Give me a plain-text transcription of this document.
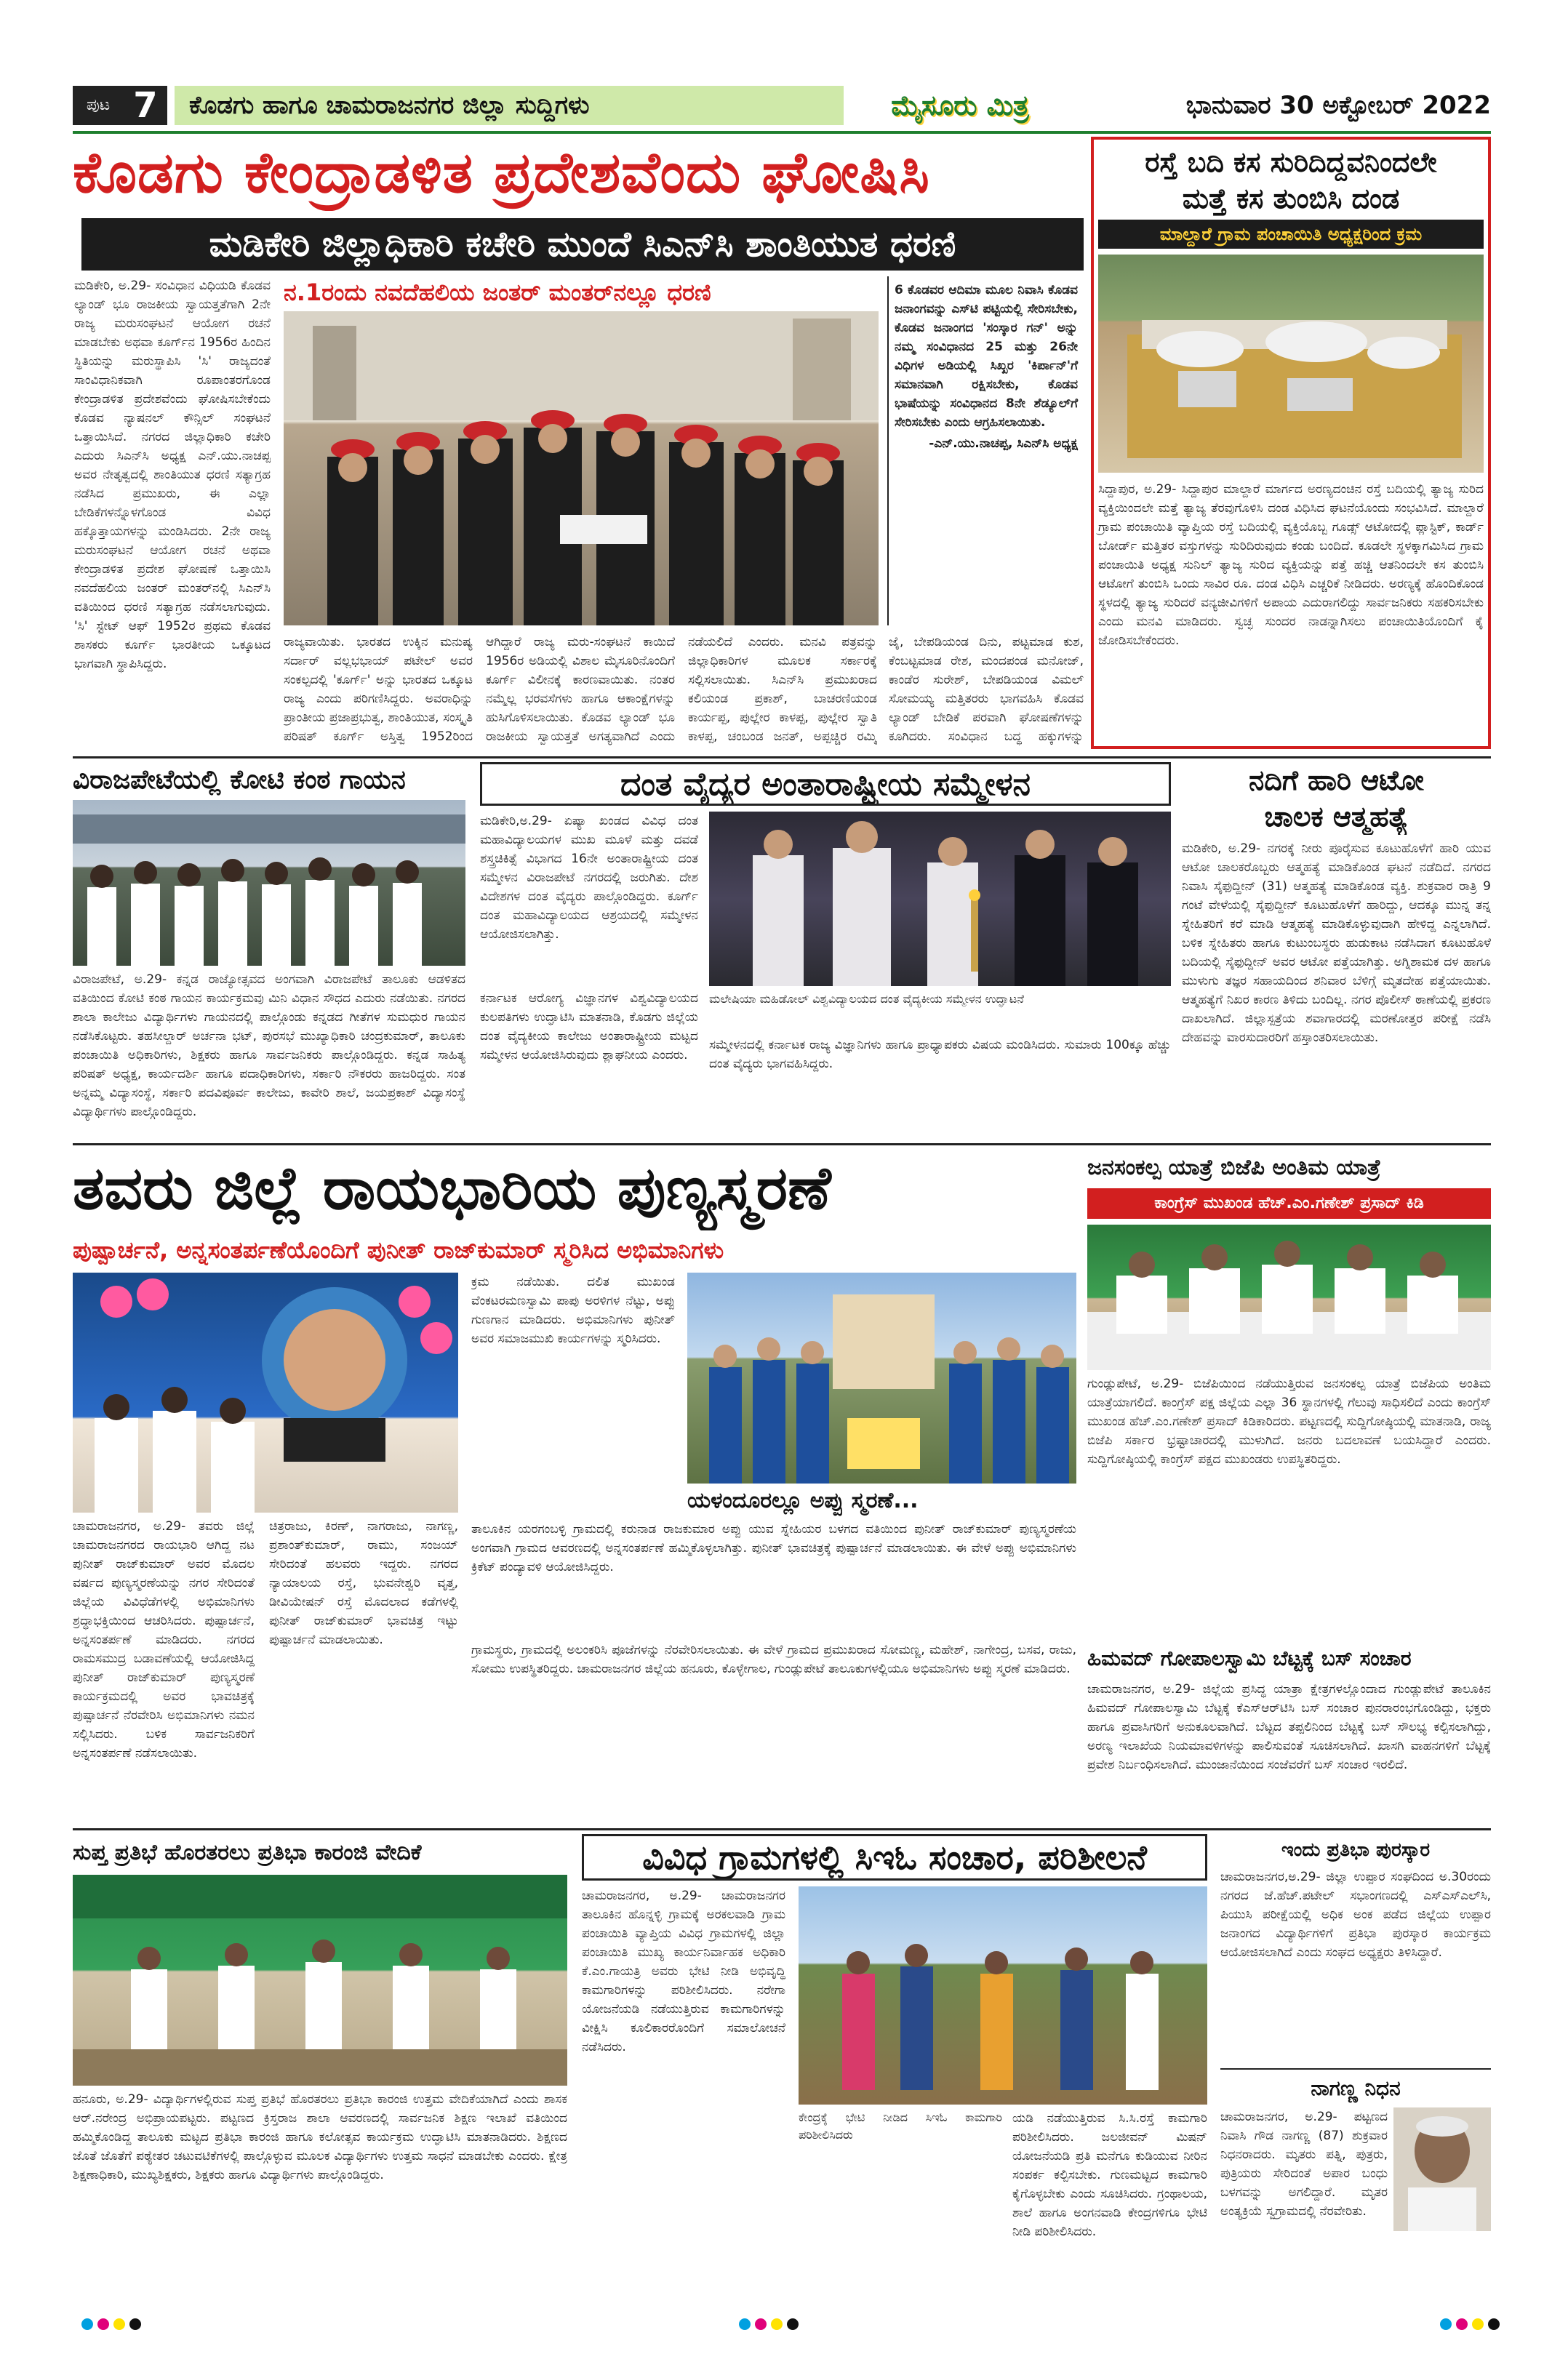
ಪುಟ 7	ಕೊಡಗು ಹಾಗೂ ಚಾಮರಾಜನಗರ ಜಿಲ್ಲಾ ಸುದ್ದಿಗಳು	ಮೈಸೂರು ಮಿತ್ರ	ಭಾನುವಾರ 30 ಅಕ್ಟೋಬರ್ 2022
ಕೊಡಗು ಕೇಂದ್ರಾಡಳಿತ ಪ್ರದೇಶವೆಂದು ಘೋಷಿಸಿ
ಮಡಿಕೇರಿ ಜಿಲ್ಲಾಧಿಕಾರಿ ಕಚೇರಿ ಮುಂದೆ ಸಿಎನ್‌ಸಿ ಶಾಂತಿಯುತ ಧರಣಿ
ಮಡಿಕೇರಿ, ಅ.29- ಸಂವಿಧಾನ ವಿಧಿಯಡಿ ಕೊಡವ ಲ್ಯಾಂಡ್ ಭೂ ರಾಜಕೀಯ ಸ್ವಾಯತ್ತತೆಗಾಗಿ 2ನೇ ರಾಜ್ಯ ಮರುಸಂಘಟನೆ ಆಯೋಗ ರಚನೆ ಮಾಡಬೇಕು ಅಥವಾ ಕೂರ್ಗ್‌ನ 1956ರ ಹಿಂದಿನ ಸ್ಥಿತಿಯನ್ನು ಮರುಸ್ಥಾಪಿಸಿ 'ಸಿ' ರಾಜ್ಯದಂತೆ ಸಾಂವಿಧಾನಿಕವಾಗಿ ರೂಪಾಂತರಗೊಂಡ ಕೇಂದ್ರಾಡಳಿತ ಪ್ರದೇಶವೆಂದು ಘೋಷಿಸಬೇಕೆಂದು ಕೊಡವ ನ್ಯಾಷನಲ್ ಕೌನ್ಸಿಲ್ ಸಂಘಟನೆ ಒತ್ತಾಯಿಸಿದೆ. ನಗರದ ಜಿಲ್ಲಾಧಿಕಾರಿ ಕಚೇರಿ ಎದುರು ಸಿಎನ್‌ಸಿ ಅಧ್ಯಕ್ಷ ಎನ್.ಯು.ನಾಚಪ್ಪ ಅವರ ನೇತೃತ್ವದಲ್ಲಿ ಶಾಂತಿಯುತ ಧರಣಿ ಸತ್ಯಾಗ್ರಹ ನಡೆಸಿದ ಪ್ರಮುಖರು, ಈ ಎಲ್ಲಾ ಬೇಡಿಕೆಗಳನ್ನೊಳಗೊಂಡ ವಿವಿಧ ಹಕ್ಕೊತ್ತಾಯಗಳನ್ನು ಮಂಡಿಸಿದರು. 2ನೇ ರಾಜ್ಯ ಮರುಸಂಘಟನೆ ಆಯೋಗ ರಚನೆ ಅಥವಾ ಕೇಂದ್ರಾಡಳಿತ ಪ್ರದೇಶ ಘೋಷಣೆ ಒತ್ತಾಯಿಸಿ ನವದೆಹಲಿಯ ಜಂತರ್ ಮಂತರ್‌ನಲ್ಲಿ ಸಿಎನ್‌ಸಿ ವತಿಯಿಂದ ಧರಣಿ ಸತ್ಯಾಗ್ರಹ ನಡೆಸಲಾಗುವುದು. 'ಸಿ' ಸ್ಟೇಟ್ ಆಫ್ 1952ರ ಪ್ರಥಮ ಕೊಡವ ಶಾಸಕರು ಕೂರ್ಗ್ ಭಾರತೀಯ ಒಕ್ಕೂಟದ ಭಾಗವಾಗಿ ಸ್ಥಾಪಿಸಿದ್ದರು.
ನ.1ರಂದು ನವದೆಹಲಿಯ ಜಂತರ್ ಮಂತರ್‌ನಲ್ಲೂ ಧರಣಿ	6 ಕೊಡವರ ಆದಿಮಾ ಮೂಲ ನಿವಾಸಿ ಕೊಡವ ಜನಾಂಗವನ್ನು ಎಸ್‌ಟಿ ಪಟ್ಟಿಯಲ್ಲಿ ಸೇರಿಸಬೇಕು, ಕೊಡವ ಜನಾಂಗದ 'ಸಂಸ್ಕಾರ ಗನ್' ಅನ್ನು ನಮ್ಮ ಸಂವಿಧಾನದ 25 ಮತ್ತು 26ನೇ ವಿಧಿಗಳ ಅಡಿಯಲ್ಲಿ ಸಿಖ್ಖರ 'ಕಿರ್ಪಾನ್'ಗೆ ಸಮಾನವಾಗಿ ರಕ್ಷಿಸಬೇಕು, ಕೊಡವ ಭಾಷೆಯನ್ನು ಸಂವಿಧಾನದ 8ನೇ ಶೆಡ್ಯೂಲ್‌ಗೆ ಸೇರಿಸಬೇಕು ಎಂದು ಆಗ್ರಹಿಸಲಾಯಿತು.
-ಎನ್.ಯು.ನಾಚಪ್ಪ, ಸಿಎನ್‌ಸಿ ಅಧ್ಯಕ್ಷ
ರಾಜ್ಯವಾಯಿತು. ಭಾರತದ ಉಕ್ಕಿನ ಮನುಷ್ಯ ಸರ್ದಾರ್ ವಲ್ಲಭಭಾಯ್ ಪಟೇಲ್ ಅವರ ಸಂಕಲ್ಪದಲ್ಲಿ 'ಕೂರ್ಗ್' ಅನ್ನು ಭಾರತದ ಒಕ್ಕೂಟ ರಾಜ್ಯ ಎಂದು ಪರಿಗಣಿಸಿದ್ದರು. ಅವರಾಧಿನ್ನು ಪ್ರಾಂತೀಯ ಪ್ರಜಾಪ್ರಭುತ್ವ, ಶಾಂತಿಯುತ, ಸಂಸ್ಕೃತಿ ಪರಿಷತ್ ಕೂರ್ಗ್ ಅಸ್ತಿತ್ವ 1952ರಿಂದ
ಆಗಿದ್ದಾರೆ ರಾಜ್ಯ ಮರು-ಸಂಘಟನೆ ಕಾಯಿದೆ 1956ರ ಅಡಿಯಲ್ಲಿ ವಿಶಾಲ ಮೈಸೂರಿನೊಂದಿಗೆ ಕೂರ್ಗ್ ವಿಲೀನಕ್ಕೆ ಕಾರಣವಾಯಿತು. ನಂತರ ನಮ್ಮೆಲ್ಲ ಭರವಸೆಗಳು ಹಾಗೂ ಆಕಾಂಕ್ಷೆಗಳನ್ನು ಹುಸಿಗೊಳಿಸಲಾಯಿತು. ಕೊಡವ ಲ್ಯಾಂಡ್ ಭೂ ರಾಜಕೀಯ ಸ್ವಾಯತ್ತತೆ ಅಗತ್ಯವಾಗಿದೆ ಎಂದು
ನಡೆಯಲಿದೆ ಎಂದರು. ಮನವಿ ಪತ್ರವನ್ನು ಜಿಲ್ಲಾಧಿಕಾರಿಗಳ ಮೂಲಕ ಸರ್ಕಾರಕ್ಕೆ ಸಲ್ಲಿಸಲಾಯಿತು. ಸಿಎನ್‌ಸಿ ಪ್ರಮುಖರಾದ ಕಲಿಯಂಡ ಪ್ರಕಾಶ್, ಬಾಚರಣಿಯಂಡ ಕಾರ್ಯಪ್ಪ, ಪುಲ್ಲೇರ ಕಾಳಪ್ಪ, ಪುಲ್ಲೇರ ಸ್ವಾತಿ ಕಾಳಪ್ಪ, ಚಂಬಂಡ ಜನತ್, ಅಪ್ಪಚ್ಚಿರ ರಮ್ಮಿ
ಜೈ, ಬೇಪಡಿಯಂಡ ದಿನು, ಪಟ್ಟಮಾಡ ಕುಶ, ಕೆಂಬಟ್ಟಮಾಡ ರೇಶ, ಮಂದಪಂಡ ಮನೋಜ್, ಕಾಂಡೆರ ಸುರೇಶ್, ಬೇಪಡಿಯಂಡ ವಿಮಲ್ ಸೋಮಯ್ಯ ಮತ್ತಿತರರು ಭಾಗವಹಿಸಿ ಕೊಡವ ಲ್ಯಾಂಡ್ ಬೇಡಿಕೆ ಪರವಾಗಿ ಘೋಷಣೆಗಳನ್ನು ಕೂಗಿದರು. ಸಂವಿಧಾನ ಬದ್ಧ ಹಕ್ಕುಗಳನ್ನು
ರಸ್ತೆ ಬದಿ ಕಸ ಸುರಿದಿದ್ದವನಿಂದಲೇ
ಮತ್ತೆ ಕಸ ತುಂಬಿಸಿ ದಂಡ
ಮಾಲ್ದಾರೆ ಗ್ರಾಮ ಪಂಚಾಯಿತಿ ಅಧ್ಯಕ್ಷರಿಂದ ಕ್ರಮ
ಸಿದ್ದಾಪುರ, ಅ.29- ಸಿದ್ದಾಪುರ ಮಾಲ್ದಾರೆ ಮಾರ್ಗದ ಅರಣ್ಯದಂಚಿನ ರಸ್ತೆ ಬದಿಯಲ್ಲಿ ತ್ಯಾಜ್ಯ ಸುರಿದ ವ್ಯಕ್ತಿಯಿಂದಲೇ ಮತ್ತೆ ತ್ಯಾಜ್ಯ ತೆರವುಗೊಳಿಸಿ ದಂಡ ವಿಧಿಸಿದ ಘಟನೆಯೊಂದು ಸಂಭವಿಸಿದೆ. ಮಾಲ್ದಾರೆ ಗ್ರಾಮ ಪಂಚಾಯಿತಿ ವ್ಯಾಪ್ತಿಯ ರಸ್ತೆ ಬದಿಯಲ್ಲಿ ವ್ಯಕ್ತಿಯೊಬ್ಬ ಗೂಡ್ಸ್ ಆಟೋದಲ್ಲಿ ಪ್ಲಾಸ್ಟಿಕ್, ಕಾರ್ಡ್ ಬೋರ್ಡ್ ಮತ್ತಿತರ ವಸ್ತುಗಳನ್ನು ಸುರಿದಿರುವುದು ಕಂಡು ಬಂದಿದೆ. ಕೂಡಲೇ ಸ್ಥಳಕ್ಕಾಗಮಿಸಿದ ಗ್ರಾಮ ಪಂಚಾಯಿತಿ ಅಧ್ಯಕ್ಷ ಸುನಿಲ್ ತ್ಯಾಜ್ಯ ಸುರಿದ ವ್ಯಕ್ತಿಯನ್ನು ಪತ್ತೆ ಹಚ್ಚಿ ಆತನಿಂದಲೇ ಕಸ ತುಂಬಿಸಿ ಆಟೋಗೆ ತುಂಬಿಸಿ ಒಂದು ಸಾವಿರ ರೂ. ದಂಡ ವಿಧಿಸಿ ಎಚ್ಚರಿಕೆ ನೀಡಿದರು. ಅರಣ್ಯಕ್ಕೆ ಹೊಂದಿಕೊಂಡ ಸ್ಥಳದಲ್ಲಿ ತ್ಯಾಜ್ಯ ಸುರಿದರೆ ವನ್ಯಜೀವಿಗಳಿಗೆ ಅಪಾಯ ಎದುರಾಗಲಿದ್ದು ಸಾರ್ವಜನಿಕರು ಸಹಕರಿಸಬೇಕು ಎಂದು ಮನವಿ ಮಾಡಿದರು. ಸ್ವಚ್ಛ ಸುಂದರ ನಾಡನ್ನಾಗಿಸಲು ಪಂಚಾಯಿತಿಯೊಂದಿಗೆ ಕೈ ಜೋಡಿಸಬೇಕೆಂದರು.
ವಿರಾಜಪೇಟೆಯಲ್ಲಿ ಕೋಟಿ ಕಂಠ ಗಾಯನ
ವಿರಾಜಪೇಟೆ, ಅ.29- ಕನ್ನಡ ರಾಜ್ಯೋತ್ಸವದ ಅಂಗವಾಗಿ ವಿರಾಜಪೇಟೆ ತಾಲೂಕು ಆಡಳಿತದ ವತಿಯಿಂದ ಕೋಟಿ ಕಂಠ ಗಾಯನ ಕಾರ್ಯಕ್ರಮವು ಮಿನಿ ವಿಧಾನ ಸೌಧದ ಎದುರು ನಡೆಯಿತು. ನಗರದ ಶಾಲಾ ಕಾಲೇಜು ವಿದ್ಯಾರ್ಥಿಗಳು ಗಾಯನದಲ್ಲಿ ಪಾಲ್ಗೊಂಡು ಕನ್ನಡದ ಗೀತೆಗಳ ಸುಮಧುರ ಗಾಯನ ನಡೆಸಿಕೊಟ್ಟರು. ತಹಸೀಲ್ದಾರ್ ಅರ್ಚನಾ ಭಟ್, ಪುರಸಭೆ ಮುಖ್ಯಾಧಿಕಾರಿ ಚಂದ್ರಕುಮಾರ್, ತಾಲೂಕು ಪಂಚಾಯಿತಿ ಅಧಿಕಾರಿಗಳು, ಶಿಕ್ಷಕರು ಹಾಗೂ ಸಾರ್ವಜನಿಕರು ಪಾಲ್ಗೊಂಡಿದ್ದರು. ಕನ್ನಡ ಸಾಹಿತ್ಯ ಪರಿಷತ್ ಅಧ್ಯಕ್ಷ, ಕಾರ್ಯದರ್ಶಿ ಹಾಗೂ ಪದಾಧಿಕಾರಿಗಳು, ಸರ್ಕಾರಿ ನೌಕರರು ಹಾಜರಿದ್ದರು. ಸಂತ ಅನ್ನಮ್ಮ ವಿದ್ಯಾಸಂಸ್ಥೆ, ಸರ್ಕಾರಿ ಪದವಿಪೂರ್ವ ಕಾಲೇಜು, ಕಾವೇರಿ ಶಾಲೆ, ಜಯಪ್ರಕಾಶ್ ವಿದ್ಯಾಸಂಸ್ಥೆ ವಿದ್ಯಾರ್ಥಿಗಳು ಪಾಲ್ಗೊಂಡಿದ್ದರು.
ದಂತ ವೈದ್ಯರ ಅಂತಾರಾಷ್ಟ್ರೀಯ ಸಮ್ಮೇಳನ
ಮಡಿಕೇರಿ,ಅ.29- ಏಷ್ಯಾ ಖಂಡದ ವಿವಿಧ ದಂತ ಮಹಾವಿದ್ಯಾಲಯಗಳ ಮುಖ ಮೂಳೆ ಮತ್ತು ದವಡೆ ಶಸ್ತ್ರಚಿಕಿತ್ಸೆ ವಿಭಾಗದ 16ನೇ ಅಂತಾರಾಷ್ಟ್ರೀಯ ದಂತ ಸಮ್ಮೇಳನ ವಿರಾಜಪೇಟೆ ನಗರದಲ್ಲಿ ಜರುಗಿತು. ದೇಶ ವಿದೇಶಗಳ ದಂತ ವೈದ್ಯರು ಪಾಲ್ಗೊಂಡಿದ್ದರು. ಕೂರ್ಗ್ ದಂತ ಮಹಾವಿದ್ಯಾಲಯದ ಆಶ್ರಯದಲ್ಲಿ ಸಮ್ಮೇಳನ ಆಯೋಜಿಸಲಾಗಿತ್ತು.
ಮಲೇಷಿಯಾ ಮಹಿಡೋಲ್ ವಿಶ್ವವಿದ್ಯಾಲಯದ ದಂತ ವೈದ್ಯಕೀಯ ಸಮ್ಮೇಳನ ಉದ್ಘಾಟನೆ
ಕರ್ನಾಟಕ ಆರೋಗ್ಯ ವಿಜ್ಞಾನಗಳ ವಿಶ್ವವಿದ್ಯಾಲಯದ ಕುಲಪತಿಗಳು ಉದ್ಘಾಟಿಸಿ ಮಾತನಾಡಿ, ಕೊಡಗು ಜಿಲ್ಲೆಯ ದಂತ ವೈದ್ಯಕೀಯ ಕಾಲೇಜು ಅಂತಾರಾಷ್ಟ್ರೀಯ ಮಟ್ಟದ ಸಮ್ಮೇಳನ ಆಯೋಜಿಸಿರುವುದು ಶ್ಲಾಘನೀಯ ಎಂದರು.
ಸಮ್ಮೇಳನದಲ್ಲಿ ಕರ್ನಾಟಕ ರಾಜ್ಯ ವಿಜ್ಞಾನಿಗಳು ಹಾಗೂ ಪ್ರಾಧ್ಯಾಪಕರು ವಿಷಯ ಮಂಡಿಸಿದರು. ಸುಮಾರು 100ಕ್ಕೂ ಹೆಚ್ಚು ದಂತ ವೈದ್ಯರು ಭಾಗವಹಿಸಿದ್ದರು.
ನದಿಗೆ ಹಾರಿ ಆಟೋ
ಚಾಲಕ ಆತ್ಮಹತ್ಯೆ
ಮಡಿಕೇರಿ, ಅ.29- ನಗರಕ್ಕೆ ನೀರು ಪೂರೈಸುವ ಕೂಟುಹೊಳೆಗೆ ಹಾರಿ ಯುವ ಆಟೋ ಚಾಲಕರೊಬ್ಬರು ಆತ್ಮಹತ್ಯೆ ಮಾಡಿಕೊಂಡ ಘಟನೆ ನಡೆದಿದೆ. ನಗರದ ನಿವಾಸಿ ಸೈಫುದ್ದೀನ್ (31) ಆತ್ಮಹತ್ಯೆ ಮಾಡಿಕೊಂಡ ವ್ಯಕ್ತಿ. ಶುಕ್ರವಾರ ರಾತ್ರಿ 9 ಗಂಟೆ ವೇಳೆಯಲ್ಲಿ ಸೈಫುದ್ದೀನ್ ಕೂಟುಹೊಳೆಗೆ ಹಾರಿದ್ದು, ಆದಕ್ಕೂ ಮುನ್ನ ತನ್ನ ಸ್ನೇಹಿತರಿಗೆ ಕರೆ ಮಾಡಿ ಆತ್ಮಹತ್ಯೆ ಮಾಡಿಕೊಳ್ಳುವುದಾಗಿ ಹೇಳಿದ್ದ ಎನ್ನಲಾಗಿದೆ. ಬಳಿಕ ಸ್ನೇಹಿತರು ಹಾಗೂ ಕುಟುಂಬಸ್ಥರು ಹುಡುಕಾಟ ನಡೆಸಿದಾಗ ಕೂಟುಹೊಳೆ ಬದಿಯಲ್ಲಿ ಸೈಫುದ್ದೀನ್ ಅವರ ಆಟೋ ಪತ್ತೆಯಾಗಿತ್ತು. ಅಗ್ನಿಶಾಮಕ ದಳ ಹಾಗೂ ಮುಳುಗು ತಜ್ಞರ ಸಹಾಯದಿಂದ ಶನಿವಾರ ಬೆಳಿಗ್ಗೆ ಮೃತದೇಹ ಪತ್ತೆಯಾಯಿತು. ಆತ್ಮಹತ್ಯೆಗೆ ನಿಖರ ಕಾರಣ ತಿಳಿದು ಬಂದಿಲ್ಲ. ನಗರ ಪೊಲೀಸ್ ಠಾಣೆಯಲ್ಲಿ ಪ್ರಕರಣ ದಾಖಲಾಗಿದೆ. ಜಿಲ್ಲಾಸ್ಪತ್ರೆಯ ಶವಾಗಾರದಲ್ಲಿ ಮರಣೋತ್ತರ ಪರೀಕ್ಷೆ ನಡೆಸಿ ದೇಹವನ್ನು ವಾರಸುದಾರರಿಗೆ ಹಸ್ತಾಂತರಿಸಲಾಯಿತು.
ತವರು ಜಿಲ್ಲೆ ರಾಯಭಾರಿಯ ಪುಣ್ಯಸ್ಮರಣೆ
ಪುಷ್ಪಾರ್ಚನೆ, ಅನ್ನಸಂತರ್ಪಣೆಯೊಂದಿಗೆ ಪುನೀತ್ ರಾಜ್‌ಕುಮಾರ್ ಸ್ಮರಿಸಿದ ಅಭಿಮಾನಿಗಳು
ಚಾಮರಾಜನಗರ, ಅ.29- ತವರು ಜಿಲ್ಲೆ ಚಾಮರಾಜನಗರದ ರಾಯಭಾರಿ ಆಗಿದ್ದ ನಟ ಪುನೀತ್ ರಾಜ್‌ಕುಮಾರ್ ಅವರ ಮೊದಲ ವರ್ಷದ ಪುಣ್ಯಸ್ಮರಣೆಯನ್ನು ನಗರ ಸೇರಿದಂತೆ ಜಿಲ್ಲೆಯ ವಿವಿಧೆಡೆಗಳಲ್ಲಿ ಅಭಿಮಾನಿಗಳು ಶ್ರದ್ಧಾಭಕ್ತಿಯಿಂದ ಆಚರಿಸಿದರು. ಪುಷ್ಪಾರ್ಚನೆ, ಅನ್ನಸಂತರ್ಪಣೆ ಮಾಡಿದರು. ನಗರದ ರಾಮಸಮುದ್ರ ಬಡಾವಣೆಯಲ್ಲಿ ಆಯೋಜಿಸಿದ್ದ ಪುನೀತ್ ರಾಜ್‌ಕುಮಾರ್ ಪುಣ್ಯಸ್ಮರಣೆ ಕಾರ್ಯಕ್ರಮದಲ್ಲಿ ಅವರ ಭಾವಚಿತ್ರಕ್ಕೆ ಪುಷ್ಪಾರ್ಚನೆ ನೆರವೇರಿಸಿ ಅಭಿಮಾನಿಗಳು ನಮನ ಸಲ್ಲಿಸಿದರು. ಬಳಿಕ ಸಾರ್ವಜನಿಕರಿಗೆ ಅನ್ನಸಂತರ್ಪಣೆ ನಡೆಸಲಾಯಿತು.
ಚಿತ್ರರಾಜು, ಕಿರಣ್, ನಾಗರಾಜು, ನಾಗಣ್ಣ, ಪ್ರಶಾಂತ್‌ಕುಮಾರ್, ರಾಮು, ಸಂಜಯ್ ಸೇರಿದಂತೆ ಹಲವರು ಇದ್ದರು. ನಗರದ ನ್ಯಾಯಾಲಯ ರಸ್ತೆ, ಭುವನೇಶ್ವರಿ ವೃತ್ತ, ಡೀವಿಯೇಷನ್ ರಸ್ತೆ ಮೊದಲಾದ ಕಡೆಗಳಲ್ಲಿ ಪುನೀತ್ ರಾಜ್‌ಕುಮಾರ್ ಭಾವಚಿತ್ರ ಇಟ್ಟು ಪುಷ್ಪಾರ್ಚನೆ ಮಾಡಲಾಯಿತು.
ಕ್ರಮ ನಡೆಯಿತು. ದಲಿತ ಮುಖಂಡ ವೆಂಕಟರಮಣಸ್ವಾಮಿ ಪಾಪು ಅರಳಿಗಳ ನೆಟ್ಟು, ಅಪ್ಪು ಗುಣಗಾನ ಮಾಡಿದರು. ಅಭಿಮಾನಿಗಳು ಪುನೀತ್ ಅವರ ಸಮಾಜಮುಖಿ ಕಾರ್ಯಗಳನ್ನು ಸ್ಮರಿಸಿದರು.
ಯಳಂದೂರಲ್ಲೂ ಅಪ್ಪು ಸ್ಮರಣೆ...
ತಾಲೂಕಿನ ಯರಗಂಬಳ್ಳಿ ಗ್ರಾಮದಲ್ಲಿ ಕರುನಾಡ ರಾಜಕುಮಾರ ಅಪ್ಪು ಯುವ ಸ್ನೇಹಿಯರ ಬಳಗದ ವತಿಯಿಂದ ಪುನೀತ್ ರಾಜ್‌ಕುಮಾರ್ ಪುಣ್ಯಸ್ಮರಣೆಯ ಅಂಗವಾಗಿ ಗ್ರಾಮದ ಆವರಣದಲ್ಲಿ ಅನ್ನಸಂತರ್ಪಣೆ ಹಮ್ಮಿಕೊಳ್ಳಲಾಗಿತ್ತು. ಪುನೀತ್ ಭಾವಚಿತ್ರಕ್ಕೆ ಪುಷ್ಪಾರ್ಚನೆ ಮಾಡಲಾಯಿತು. ಈ ವೇಳೆ ಅಪ್ಪು ಅಭಿಮಾನಿಗಳು ಕ್ರಿಕೆಟ್ ಪಂದ್ಯಾವಳಿ ಆಯೋಜಿಸಿದ್ದರು.
ಗ್ರಾಮಸ್ಥರು, ಗ್ರಾಮದಲ್ಲಿ ಅಲಂಕರಿಸಿ ಪೂಜೆಗಳನ್ನು ನೆರವೇರಿಸಲಾಯಿತು. ಈ ವೇಳೆ ಗ್ರಾಮದ ಪ್ರಮುಖರಾದ ಸೋಮಣ್ಣ, ಮಹೇಶ್, ನಾಗೇಂದ್ರ, ಬಸವ, ರಾಜು, ಸೋಮು ಉಪಸ್ಥಿತರಿದ್ದರು. ಚಾಮರಾಜನಗರ ಜಿಲ್ಲೆಯ ಹನೂರು, ಕೊಳ್ಳೇಗಾಲ, ಗುಂಡ್ಲುಪೇಟೆ ತಾಲೂಕುಗಳಲ್ಲಿಯೂ ಅಭಿಮಾನಿಗಳು ಅಪ್ಪು ಸ್ಮರಣೆ ಮಾಡಿದರು.
ಜನಸಂಕಲ್ಪ ಯಾತ್ರೆ ಬಿಜೆಪಿ ಅಂತಿಮ ಯಾತ್ರೆ
ಕಾಂಗ್ರೆಸ್ ಮುಖಂಡ ಹೆಚ್.ಎಂ.ಗಣೇಶ್ ಪ್ರಸಾದ್ ಕಿಡಿ
ಗುಂಡ್ಲುಪೇಟೆ, ಅ.29- ಬಿಜೆಪಿಯಿಂದ ನಡೆಯುತ್ತಿರುವ ಜನಸಂಕಲ್ಪ ಯಾತ್ರೆ ಬಿಜೆಪಿಯ ಅಂತಿಮ ಯಾತ್ರೆಯಾಗಲಿದೆ. ಕಾಂಗ್ರೆಸ್ ಪಕ್ಷ ಜಿಲ್ಲೆಯ ಎಲ್ಲಾ 36 ಸ್ಥಾನಗಳಲ್ಲಿ ಗೆಲುವು ಸಾಧಿಸಲಿದೆ ಎಂದು ಕಾಂಗ್ರೆಸ್ ಮುಖಂಡ ಹೆಚ್.ಎಂ.ಗಣೇಶ್ ಪ್ರಸಾದ್ ಕಿಡಿಕಾರಿದರು. ಪಟ್ಟಣದಲ್ಲಿ ಸುದ್ದಿಗೋಷ್ಠಿಯಲ್ಲಿ ಮಾತನಾಡಿ, ರಾಜ್ಯ ಬಿಜೆಪಿ ಸರ್ಕಾರ ಭ್ರಷ್ಟಾಚಾರದಲ್ಲಿ ಮುಳುಗಿದೆ. ಜನರು ಬದಲಾವಣೆ ಬಯಸಿದ್ದಾರೆ ಎಂದರು. ಸುದ್ದಿಗೋಷ್ಠಿಯಲ್ಲಿ ಕಾಂಗ್ರೆಸ್ ಪಕ್ಷದ ಮುಖಂಡರು ಉಪಸ್ಥಿತರಿದ್ದರು.
ಹಿಮವದ್ ಗೋಪಾಲಸ್ವಾಮಿ ಬೆಟ್ಟಕ್ಕೆ ಬಸ್ ಸಂಚಾರ
ಚಾಮರಾಜನಗರ, ಅ.29- ಜಿಲ್ಲೆಯ ಪ್ರಸಿದ್ಧ ಯಾತ್ರಾ ಕ್ಷೇತ್ರಗಳಲ್ಲೊಂದಾದ ಗುಂಡ್ಲುಪೇಟೆ ತಾಲೂಕಿನ ಹಿಮವದ್ ಗೋಪಾಲಸ್ವಾಮಿ ಬೆಟ್ಟಕ್ಕೆ ಕೆಎಸ್‌ಆರ್‌ಟಿಸಿ ಬಸ್ ಸಂಚಾರ ಪುನರಾರಂಭಗೊಂಡಿದ್ದು, ಭಕ್ತರು ಹಾಗೂ ಪ್ರವಾಸಿಗರಿಗೆ ಅನುಕೂಲವಾಗಿದೆ. ಬೆಟ್ಟದ ತಪ್ಪಲಿನಿಂದ ಬೆಟ್ಟಕ್ಕೆ ಬಸ್ ಸೌಲಭ್ಯ ಕಲ್ಪಿಸಲಾಗಿದ್ದು, ಅರಣ್ಯ ಇಲಾಖೆಯ ನಿಯಮಾವಳಿಗಳನ್ನು ಪಾಲಿಸುವಂತೆ ಸೂಚಿಸಲಾಗಿದೆ. ಖಾಸಗಿ ವಾಹನಗಳಿಗೆ ಬೆಟ್ಟಕ್ಕೆ ಪ್ರವೇಶ ನಿರ್ಬಂಧಿಸಲಾಗಿದೆ. ಮುಂಜಾನೆಯಿಂದ ಸಂಜೆವರೆಗೆ ಬಸ್ ಸಂಚಾರ ಇರಲಿದೆ.
ಸುಪ್ತ ಪ್ರತಿಭೆ ಹೊರತರಲು ಪ್ರತಿಭಾ ಕಾರಂಜಿ ವೇದಿಕೆ
ಹನೂರು, ಅ.29- ವಿದ್ಯಾರ್ಥಿಗಳಲ್ಲಿರುವ ಸುಪ್ತ ಪ್ರತಿಭೆ ಹೊರತರಲು ಪ್ರತಿಭಾ ಕಾರಂಜಿ ಉತ್ತಮ ವೇದಿಕೆಯಾಗಿದೆ ಎಂದು ಶಾಸಕ ಆರ್.ನರೇಂದ್ರ ಅಭಿಪ್ರಾಯಪಟ್ಟರು. ಪಟ್ಟಣದ ಕ್ರಿಸ್ತರಾಜ ಶಾಲಾ ಆವರಣದಲ್ಲಿ ಸಾರ್ವಜನಿಕ ಶಿಕ್ಷಣ ಇಲಾಖೆ ವತಿಯಿಂದ ಹಮ್ಮಿಕೊಂಡಿದ್ದ ತಾಲೂಕು ಮಟ್ಟದ ಪ್ರತಿಭಾ ಕಾರಂಜಿ ಹಾಗೂ ಕಲೋತ್ಸವ ಕಾರ್ಯಕ್ರಮ ಉದ್ಘಾಟಿಸಿ ಮಾತನಾಡಿದರು. ಶಿಕ್ಷಣದ ಜೊತೆ ಜೊತೆಗೆ ಪಠ್ಯೇತರ ಚಟುವಟಿಕೆಗಳಲ್ಲಿ ಪಾಲ್ಗೊಳ್ಳುವ ಮೂಲಕ ವಿದ್ಯಾರ್ಥಿಗಳು ಉತ್ತಮ ಸಾಧನೆ ಮಾಡಬೇಕು ಎಂದರು. ಕ್ಷೇತ್ರ ಶಿಕ್ಷಣಾಧಿಕಾರಿ, ಮುಖ್ಯಶಿಕ್ಷಕರು, ಶಿಕ್ಷಕರು ಹಾಗೂ ವಿದ್ಯಾರ್ಥಿಗಳು ಪಾಲ್ಗೊಂಡಿದ್ದರು.
ವಿವಿಧ ಗ್ರಾಮಗಳಲ್ಲಿ ಸಿಇಓ ಸಂಚಾರ, ಪರಿಶೀಲನೆ
ಚಾಮರಾಜನಗರ, ಅ.29- ಚಾಮರಾಜನಗರ ತಾಲೂಕಿನ ಹೊನ್ನಳ್ಳಿ ಗ್ರಾಮಕ್ಕೆ ಅರಕಲವಾಡಿ ಗ್ರಾಮ ಪಂಚಾಯಿತಿ ವ್ಯಾಪ್ತಿಯ ವಿವಿಧ ಗ್ರಾಮಗಳಲ್ಲಿ ಜಿಲ್ಲಾ ಪಂಚಾಯಿತಿ ಮುಖ್ಯ ಕಾರ್ಯನಿರ್ವಾಹಕ ಅಧಿಕಾರಿ ಕೆ.ಎಂ.ಗಾಯತ್ರಿ ಅವರು ಭೇಟಿ ನೀಡಿ ಅಭಿವೃದ್ಧಿ ಕಾಮಗಾರಿಗಳನ್ನು ಪರಿಶೀಲಿಸಿದರು. ನರೇಗಾ ಯೋಜನೆಯಡಿ ನಡೆಯುತ್ತಿರುವ ಕಾಮಗಾರಿಗಳನ್ನು ವೀಕ್ಷಿಸಿ ಕೂಲಿಕಾರರೊಂದಿಗೆ ಸಮಾಲೋಚನೆ ನಡೆಸಿದರು.
ಕೇಂದ್ರಕ್ಕೆ ಭೇಟಿ ನೀಡಿದ ಸಿಇಓ ಕಾಮಗಾರಿ ಪರಿಶೀಲಿಸಿದರು
ಯಡಿ ನಡೆಯುತ್ತಿರುವ ಸಿ.ಸಿ.ರಸ್ತೆ ಕಾಮಗಾರಿ ಪರಿಶೀಲಿಸಿದರು. ಜಲಜೀವನ್ ಮಿಷನ್ ಯೋಜನೆಯಡಿ ಪ್ರತಿ ಮನೆಗೂ ಕುಡಿಯುವ ನೀರಿನ ಸಂಪರ್ಕ ಕಲ್ಪಿಸಬೇಕು. ಗುಣಮಟ್ಟದ ಕಾಮಗಾರಿ ಕೈಗೊಳ್ಳಬೇಕು ಎಂದು ಸೂಚಿಸಿದರು. ಗ್ರಂಥಾಲಯ, ಶಾಲೆ ಹಾಗೂ ಅಂಗನವಾಡಿ ಕೇಂದ್ರಗಳಿಗೂ ಭೇಟಿ ನೀಡಿ ಪರಿಶೀಲಿಸಿದರು.
ಇಂದು ಪ್ರತಿಭಾ ಪುರಸ್ಕಾರ
ಚಾಮರಾಜನಗರ,ಅ.29- ಜಿಲ್ಲಾ ಉಪ್ಪಾರ ಸಂಘದಿಂದ ಅ.30ರಂದು ನಗರದ ಜೆ.ಹೆಚ್.ಪಟೇಲ್ ಸಭಾಂಗಣದಲ್ಲಿ ಎಸ್‌ಎಸ್‌ಎಲ್‌ಸಿ, ಪಿಯುಸಿ ಪರೀಕ್ಷೆಯಲ್ಲಿ ಅಧಿಕ ಅಂಕ ಪಡೆದ ಜಿಲ್ಲೆಯ ಉಪ್ಪಾರ ಜನಾಂಗದ ವಿದ್ಯಾರ್ಥಿಗಳಿಗೆ ಪ್ರತಿಭಾ ಪುರಸ್ಕಾರ ಕಾರ್ಯಕ್ರಮ ಆಯೋಜಿಸಲಾಗಿದೆ ಎಂದು ಸಂಘದ ಅಧ್ಯಕ್ಷರು ತಿಳಿಸಿದ್ದಾರೆ.
ನಾಗಣ್ಣ ನಿಧನ
ಚಾಮರಾಜನಗರ, ಅ.29- ಪಟ್ಟಣದ ನಿವಾಸಿ ಗೌಡ ನಾಗಣ್ಣ (87) ಶುಕ್ರವಾರ ನಿಧನರಾದರು. ಮೃತರು ಪತ್ನಿ, ಪುತ್ರರು, ಪುತ್ರಿಯರು ಸೇರಿದಂತೆ ಅಪಾರ ಬಂಧು ಬಳಗವನ್ನು ಅಗಲಿದ್ದಾರೆ. ಮೃತರ ಅಂತ್ಯಕ್ರಿಯೆ ಸ್ವಗ್ರಾಮದಲ್ಲಿ ನೆರವೇರಿತು.
